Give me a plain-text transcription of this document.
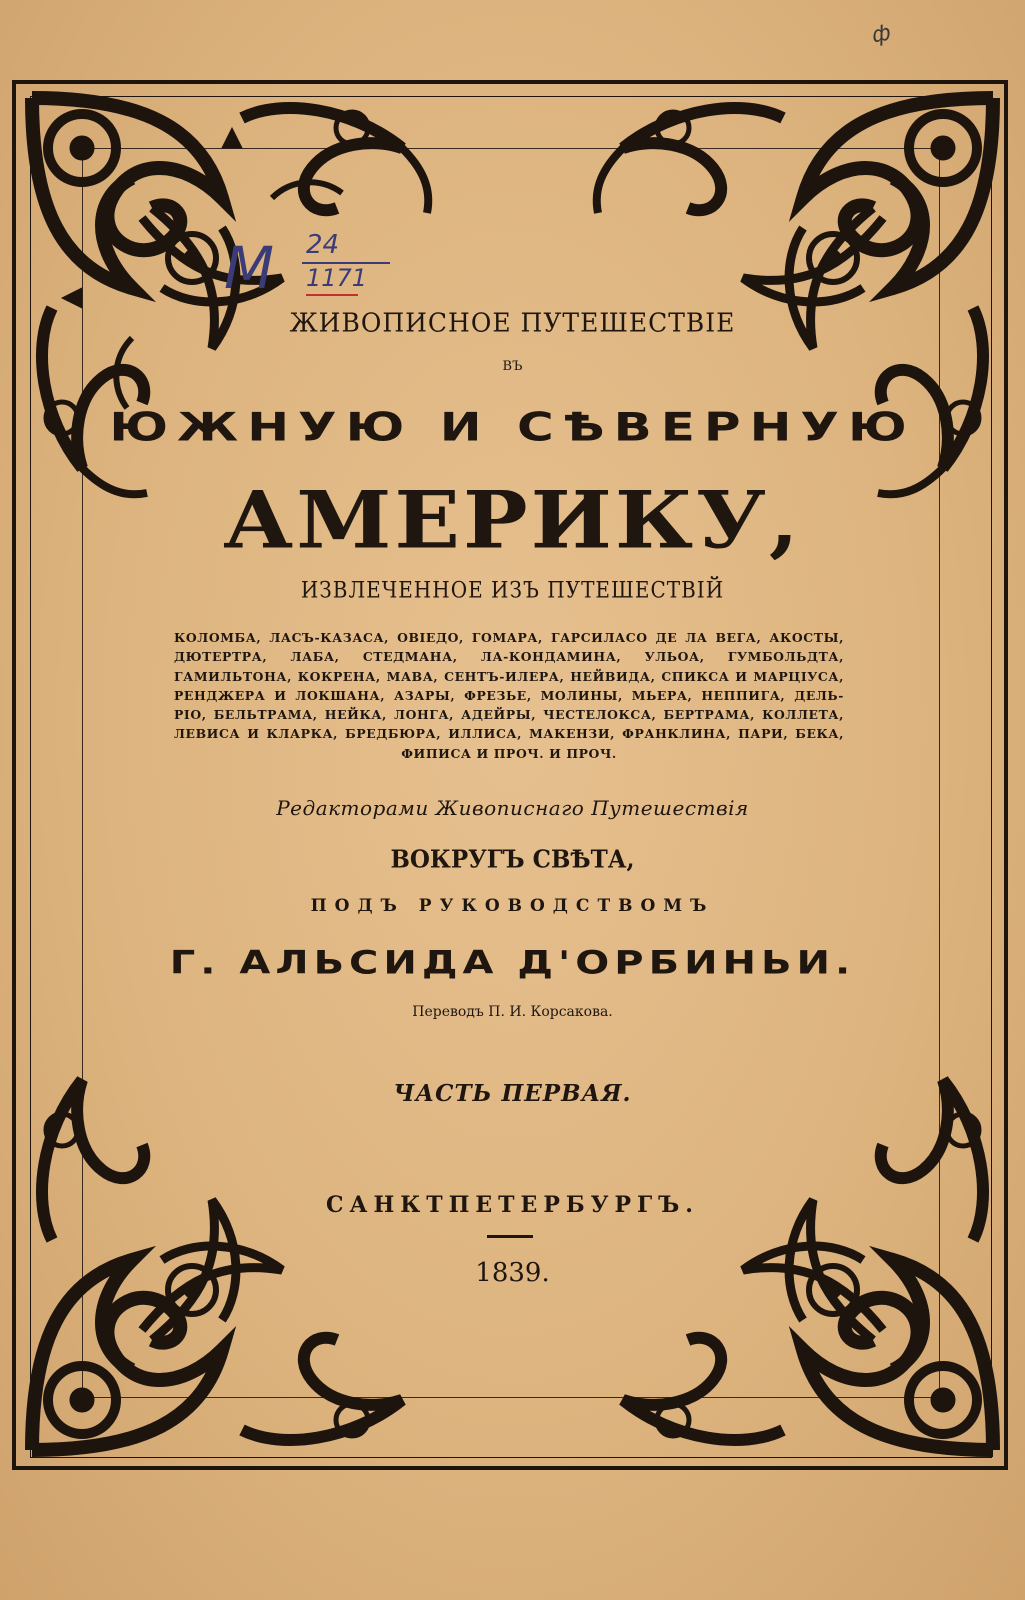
M 24
1171
ф
ЖИВОПИСНОЕ ПУТЕШЕСТВІЕ
ВЪ
ЮЖНУЮ И СѢВЕРНУЮ
АМЕРИКУ,
ИЗВЛЕЧЕННОЕ ИЗЪ ПУТЕШЕСТВІЙ
КОЛОМБА, ЛАСЪ-КАЗАСА, ОВІЕДО, ГОМАРА, ГАРСИЛАСО ДЕ ЛА ВЕГА, АКОСТЫ, ДЮТЕРТРА, ЛАБА, СТЕДМАНА, ЛА-КОНДАМИНА, УЛЬОА, ГУМБОЛЬДТА, ГАМИЛЬТОНА, КОКРЕНА, МАВА, СЕНТЪ-ИЛЕРА, НЕЙВИДА, СПИКСА И МАРЦІУСА, РЕНДЖЕРА И ЛОКШАНА, АЗАРЫ, ФРЕЗЬЕ, МОЛИНЫ, МЬЕРА, НЕППИГА, ДЕЛЬ-РІО, БЕЛЬТРАМА, НЕЙКА, ЛОНГА, АДЕЙРЫ, ЧЕСТЕЛОКСА, БЕРТРАМА, КОЛЛЕТА, ЛЕВИСА И КЛАРКА, БРЕДБЮРА, ИЛЛИСА, МАКЕНЗИ, ФРАНКЛИНА, ПАРИ, БЕКА, ФИПИСА И ПРОЧ. И ПРОЧ.
Редакторами Живописнаго Путешествія
ВОКРУГЪ СВѢТА,
ПОДЪ РУКОВОДСТВОМЪ
Г. АЛЬСИДА Д'ОРБИНЬИ.
Переводъ П. И. Корсакова.
ЧАСТЬ ПЕРВАЯ.
САНКТПЕТЕРБУРГЪ.
1839.
